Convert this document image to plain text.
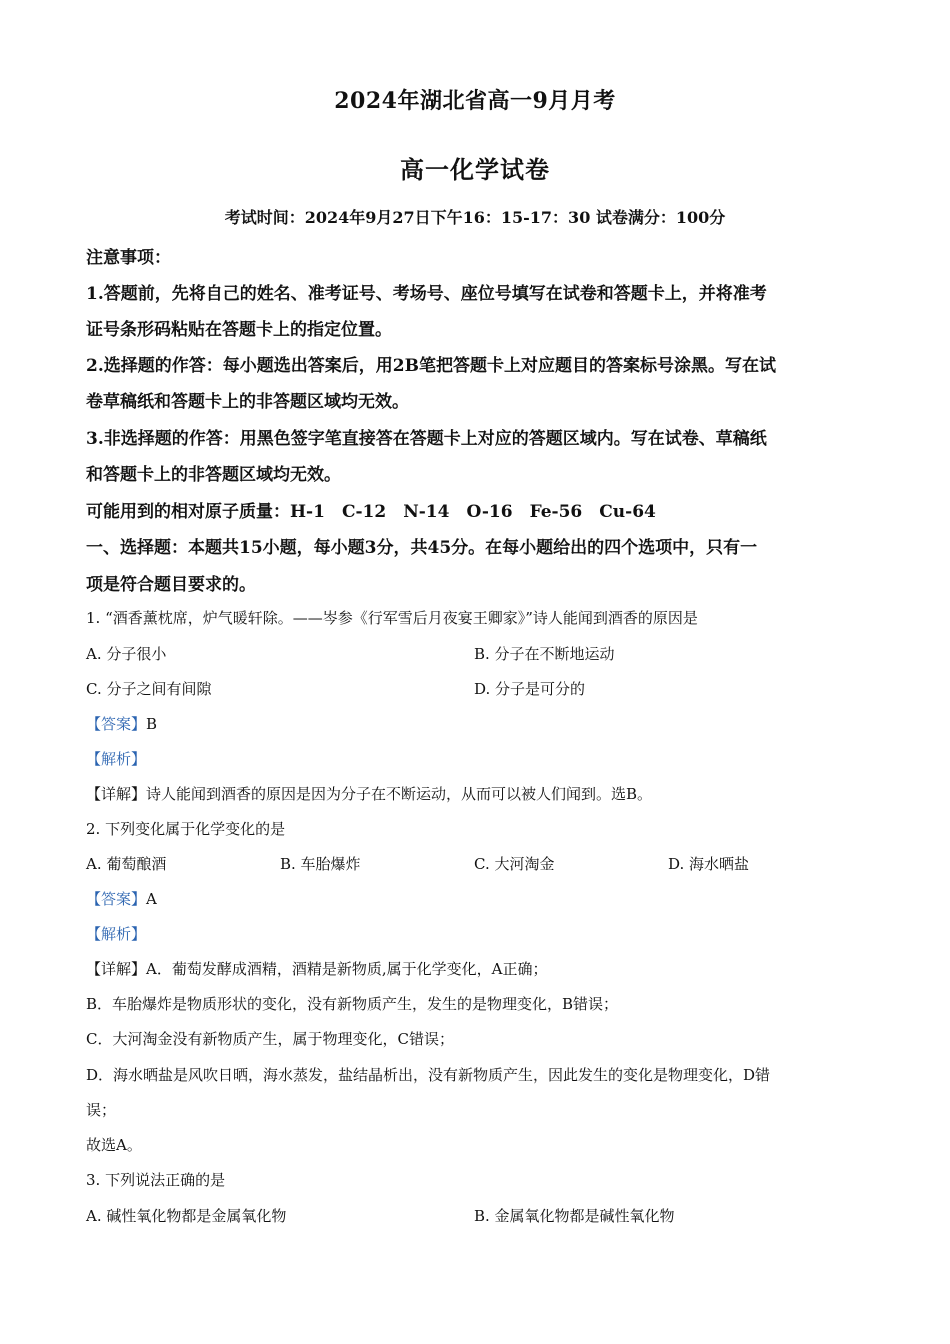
2024年湖北省高一9月月考
高一化学试卷
考试时间：2024年9月27日下午16：15-17：30 试卷满分：100分
注意事项：
1.答题前，先将自己的姓名、准考证号、考场号、座位号填写在试卷和答题卡上，并将准考
证号条形码粘贴在答题卡上的指定位置。
2.选择题的作答：每小题选出答案后，用2B笔把答题卡上对应题目的答案标号涂黑。写在试
卷草稿纸和答题卡上的非答题区域均无效。
3.非选择题的作答：用黑色签字笔直接答在答题卡上对应的答题区域内。写在试卷、草稿纸
和答题卡上的非答题区域均无效。
可能用到的相对原子质量：H-1　C-12　N-14　O-16　Fe-56　Cu-64
一、选择题：本题共15小题，每小题3分，共45分。在每小题给出的四个选项中，只有一
项是符合题目要求的。
1. “酒香薰枕席，炉气暖轩除。——岑参《行军雪后月夜宴王卿家》”诗人能闻到酒香的原因是
A. 分子很小	B. 分子在不断地运动
C. 分子之间有间隙	D. 分子是可分的
【答案】B
【解析】
【详解】诗人能闻到酒香的原因是因为分子在不断运动，从而可以被人们闻到。选B。
2. 下列变化属于化学变化的是
A. 葡萄酿酒	B. 车胎爆炸	C. 大河淘金	D. 海水晒盐
【答案】A
【解析】
【详解】A．葡萄发酵成酒精，酒精是新物质,属于化学变化，A正确；
B．车胎爆炸是物质形状的变化，没有新物质产生，发生的是物理变化，B错误；
C．大河淘金没有新物质产生，属于物理变化，C错误；
D．海水晒盐是风吹日晒，海水蒸发，盐结晶析出，没有新物质产生，因此发生的变化是物理变化，D错
误；
故选A。
3. 下列说法正确的是
A. 碱性氧化物都是金属氧化物	B. 金属氧化物都是碱性氧化物
